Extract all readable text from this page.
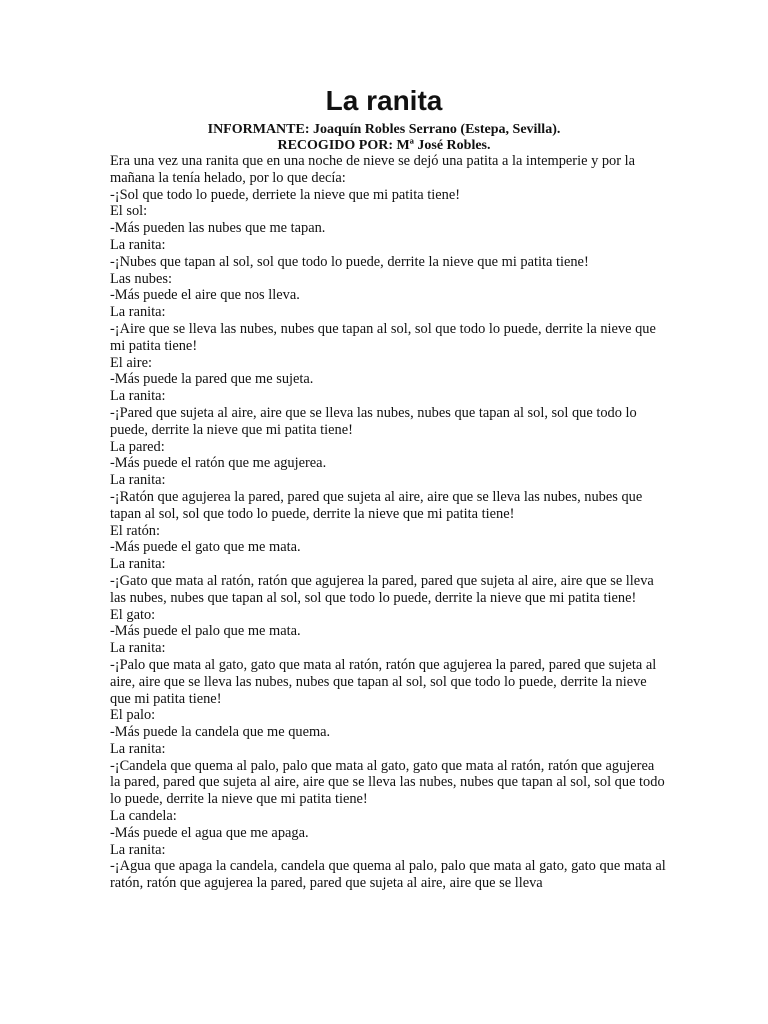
La ranita
INFORMANTE: Joaquín Robles Serrano (Estepa, Sevilla).
RECOGIDO POR: Mª José Robles.

Era una vez una ranita que en una noche de nieve se dejó una patita a la intemperie y por la mañana la tenía helado, por lo que decía:

-¡Sol que todo lo puede, derriete la nieve que mi patita tiene!

El sol:

-Más pueden las nubes que me tapan.

La ranita:

-¡Nubes que tapan al sol, sol que todo lo puede, derrite la nieve que mi patita tiene!

Las nubes:

-Más puede el aire que nos lleva.

La ranita:

-¡Aire que se lleva las nubes, nubes que tapan al sol, sol que todo lo puede, derrite la nieve que mi patita tiene!

El aire:

-Más puede la pared que me sujeta.

La ranita:

-¡Pared que sujeta al aire, aire que se lleva las nubes, nubes que tapan al sol, sol que todo lo puede, derrite la nieve que mi patita tiene!

La pared:

-Más puede el ratón que me agujerea.

La ranita:

-¡Ratón que agujerea la pared, pared que sujeta al aire, aire que se lleva las nubes, nubes que tapan al sol, sol que todo lo puede, derrite la nieve que mi patita tiene!

El ratón:

-Más puede el gato que me mata.

La ranita:

-¡Gato que mata al ratón, ratón que agujerea la pared, pared que sujeta al aire, aire que se lleva las nubes, nubes que tapan al sol, sol que todo lo puede, derrite la nieve que mi patita tiene!

El gato:

-Más puede el palo que me mata.

La ranita:

-¡Palo que mata al gato, gato que mata al ratón, ratón que agujerea la pared, pared que sujeta al aire, aire que se lleva las nubes, nubes que tapan al sol, sol que todo lo puede, derrite la nieve que mi patita tiene!

El palo:

-Más puede la candela que me quema.

La ranita:

-¡Candela que quema al palo, palo que mata al gato, gato que mata al ratón, ratón que agujerea la pared, pared que sujeta al aire, aire que se lleva las nubes, nubes que tapan al sol, sol que todo lo puede, derrite la nieve que mi patita tiene!

La candela:

-Más puede el agua que me apaga.

La ranita:

-¡Agua que apaga la candela, candela que quema al palo, palo que mata al gato, gato que mata al ratón, ratón que agujerea la pared, pared que sujeta al aire, aire que se lleva
